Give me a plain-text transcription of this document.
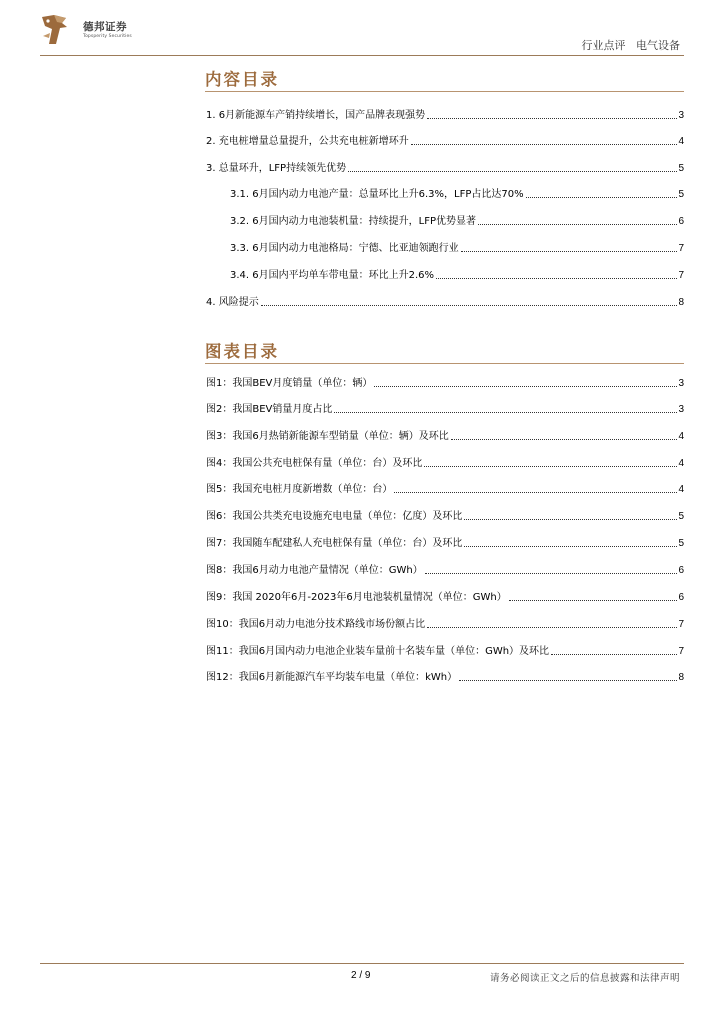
德邦证券
Topsperity Securities
行业点评   电气设备
内容目录
1. 6月新能源车产销持续增长，国产品牌表现强势	3
2. 充电桩增量总量提升，公共充电桩新增环升	4
3. 总量环升，LFP持续领先优势	5
3.1. 6月国内动力电池产量：总量环比上升6.3%，LFP占比达70%	5
3.2. 6月国内动力电池装机量：持续提升，LFP优势显著	6
3.3. 6月国内动力电池格局：宁德、比亚迪领跑行业	7
3.4. 6月国内平均单车带电量：环比上升2.6%	7
4. 风险提示	8
图表目录
图1：我国BEV月度销量（单位：辆）	3
图2：我国BEV销量月度占比	3
图3：我国6月热销新能源车型销量（单位：辆）及环比	4
图4：我国公共充电桩保有量（单位：台）及环比	4
图5：我国充电桩月度新增数（单位：台）	4
图6：我国公共类充电设施充电电量（单位：亿度）及环比	5
图7：我国随车配建私人充电桩保有量（单位：台）及环比	5
图8：我国6月动力电池产量情况（单位：GWh）	6
图9：我国 2020年6月-2023年6月电池装机量情况（单位：GWh）	6
图10：我国6月动力电池分技术路线市场份额占比	7
图11：我国6月国内动力电池企业装车量前十名装车量（单位：GWh）及环比	7
图12：我国6月新能源汽车平均装车电量（单位：kWh）	8
2 / 9	请务必阅读正文之后的信息披露和法律声明
